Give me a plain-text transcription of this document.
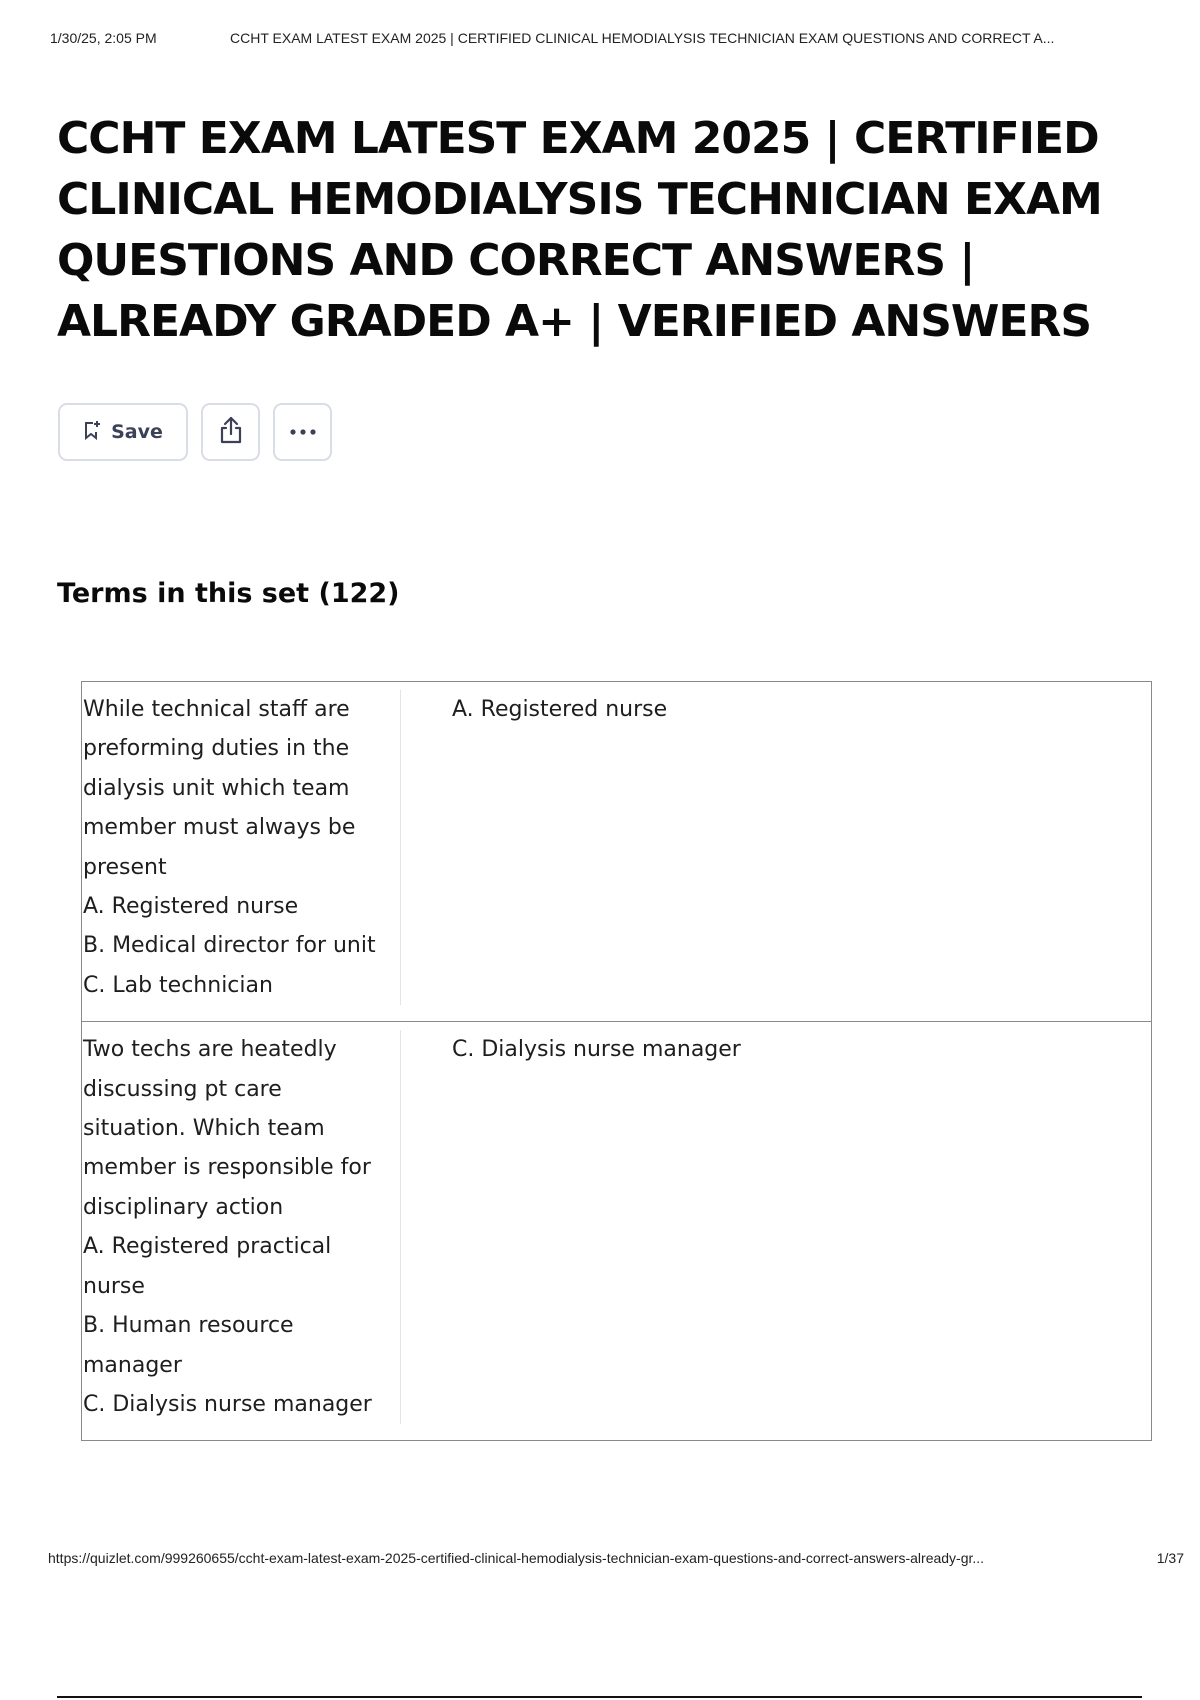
1/30/25, 2:05 PM	CCHT EXAM LATEST EXAM 2025 | CERTIFIED CLINICAL HEMODIALYSIS TECHNICIAN EXAM QUESTIONS AND CORRECT A...
CCHT EXAM LATEST EXAM 2025 | CERTIFIED CLINICAL HEMODIALYSIS TECHNICIAN EXAM QUESTIONS AND CORRECT ANSWERS | ALREADY GRADED A+ | VERIFIED ANSWERS
Save
Terms in this set (122)
While technical staff are
preforming duties in the
dialysis unit which team
member must always be
present
A. Registered nurse
B. Medical director for unit
C. Lab technician
A. Registered nurse
Two techs are heatedly
discussing pt care
situation. Which team
member is responsible for
disciplinary action
A. Registered practical
nurse
B. Human resource
manager
C. Dialysis nurse manager
C. Dialysis nurse manager
https://quizlet.com/999260655/ccht-exam-latest-exam-2025-certified-clinical-hemodialysis-technician-exam-questions-and-correct-answers-already-gr...	1/37
